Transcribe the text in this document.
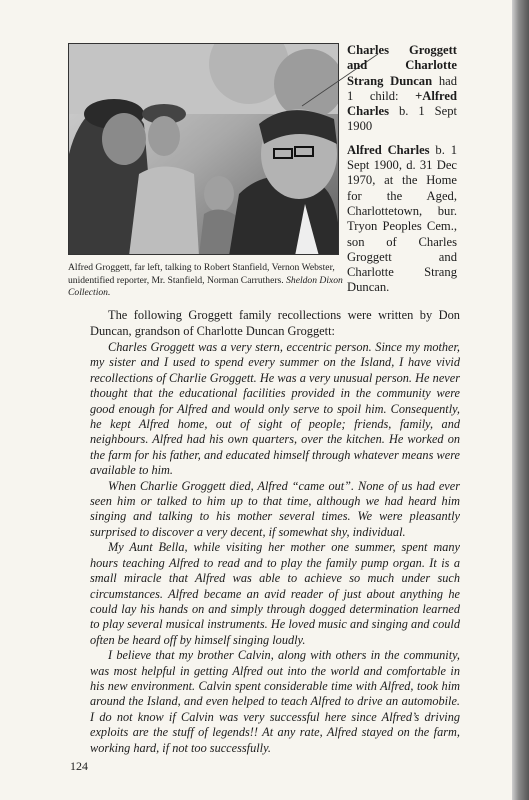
Alfred Groggett, far left, talking to Robert Stanfield, Vernon Webster, unidentified reporter, Mr. Stanfield, Norman Carruthers. Sheldon Dixon Collection.

Charles Groggett and Charlotte Strang Duncan had 1 child: +Alfred Charles b. 1 Sept 1900

Alfred Charles b. 1 Sept 1900, d. 31 Dec 1970, at the Home for the Aged, Charlottetown, bur. Tryon Peoples Cem., son of Charles Groggett and Charlotte Strang Duncan.

The following Groggett family recollections were written by Don Duncan, grandson of Charlotte Duncan Groggett:

Charles Groggett was a very stern, eccentric person. Since my mother, my sister and I used to spend every summer on the Island, I have vivid recollections of Charlie Groggett. He was a very unusual person. He never thought that the educational facilities provided in the community were good enough for Alfred and would only serve to spoil him. Consequently, he kept Alfred home, out of sight of people; friends, family, and neighbours. Alfred had his own quarters, over the kitchen. He worked on the farm for his father, and educated himself through whatever means were available to him.

When Charlie Groggett died, Alfred “came out”. None of us had ever seen him or talked to him up to that time, although we had heard him singing and talking to his mother several times. We were pleasantly surprised to discover a very decent, if somewhat shy, individual.

My Aunt Bella, while visiting her mother one summer, spent many hours teaching Alfred to read and to play the family pump organ. It is a small miracle that Alfred was able to achieve so much under such circumstances. Alfred became an avid reader of just about anything he could lay his hands on and simply through dogged determination learned to play several musical instruments. He loved music and singing and could often be heard off by himself singing loudly.

I believe that my brother Calvin, along with others in the community, was most helpful in getting Alfred out into the world and comfortable in his new environment. Calvin spent considerable time with Alfred, took him around the Island, and even helped to teach Alfred to drive an automobile. I do not know if Calvin was very successful here since Alfred’s driving exploits are the stuff of legends!! At any rate, Alfred stayed on the farm, working hard, if not too successfully.

124
